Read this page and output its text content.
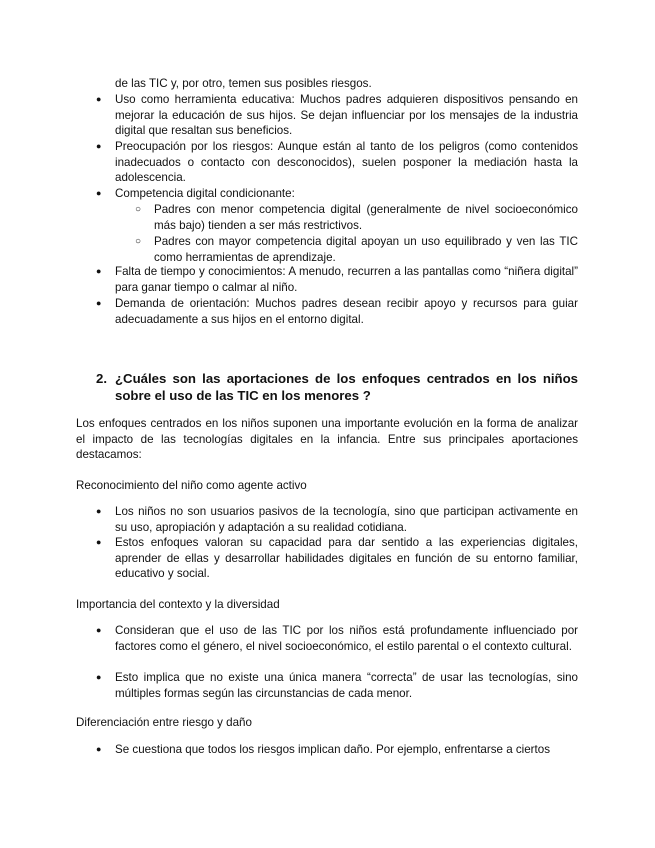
de las TIC y, por otro, temen sus posibles riesgos.
●	Uso como herramienta educativa: Muchos padres adquieren dispositivos pensando en mejorar la educación de sus hijos. Se dejan influenciar por los mensajes de la industria digital que resaltan sus beneficios.
●	Preocupación por los riesgos: Aunque están al tanto de los peligros (como contenidos inadecuados o contacto con desconocidos), suelen posponer la mediación hasta la adolescencia.
●	Competencia digital condicionante:
○ Padres con menor competencia digital (generalmente de nivel socioeconómico más bajo) tienden a ser más restrictivos.
○ Padres con mayor competencia digital apoyan un uso equilibrado y ven las TIC como herramientas de aprendizaje.
●	Falta de tiempo y conocimientos: A menudo, recurren a las pantallas como “niñera digital” para ganar tiempo o calmar al niño.
●	Demanda de orientación: Muchos padres desean recibir apoyo y recursos para guiar adecuadamente a sus hijos en el entorno digital.
2. ¿Cuáles son las aportaciones de los enfoques centrados en los niños sobre el uso de las TIC en los menores ?
Los enfoques centrados en los niños suponen una importante evolución en la forma de analizar el impacto de las tecnologías digitales en la infancia. Entre sus principales aportaciones destacamos:
Reconocimiento del niño como agente activo
●	Los niños no son usuarios pasivos de la tecnología, sino que participan activamente en su uso, apropiación y adaptación a su realidad cotidiana.
●	Estos enfoques valoran su capacidad para dar sentido a las experiencias digitales, aprender de ellas y desarrollar habilidades digitales en función de su entorno familiar, educativo y social.
Importancia del contexto y la diversidad
●	Consideran que el uso de las TIC por los niños está profundamente influenciado por factores como el género, el nivel socioeconómico, el estilo parental o el contexto cultural.
●	Esto implica que no existe una única manera “correcta” de usar las tecnologías, sino múltiples formas según las circunstancias de cada menor.
Diferenciación entre riesgo y daño
●	Se cuestiona que todos los riesgos implican daño. Por ejemplo, enfrentarse a ciertos
